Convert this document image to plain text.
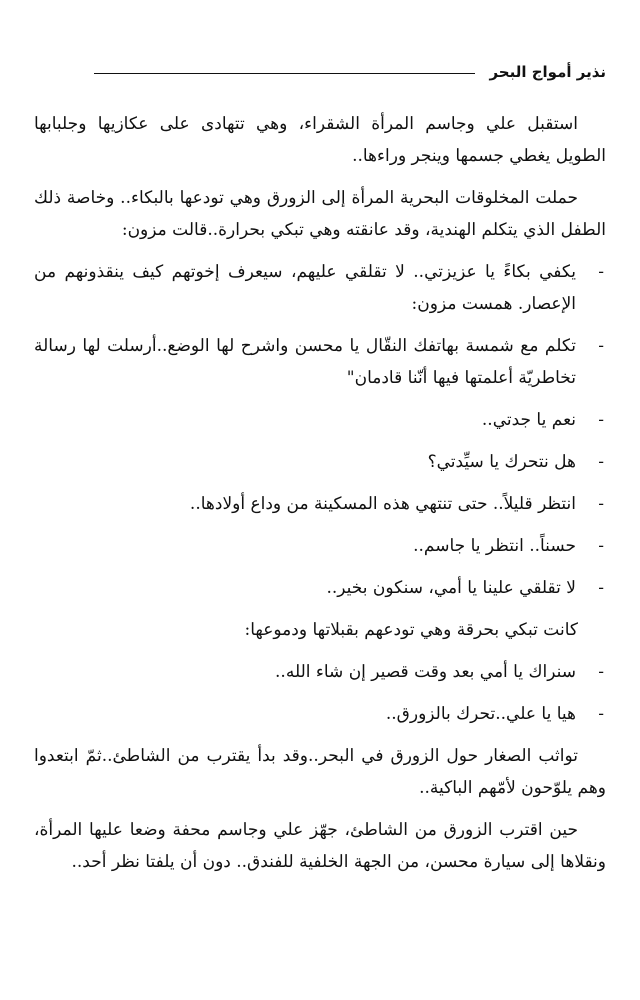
نذير أمواج البحر

استقبل علي وجاسم المرأة الشقراء، وهي تتهادى على عكازيها وجلبابها الطويل يغطي جسمها وينجر وراءها..

حملت المخلوقات البحرية المرأة إلى الزورق وهي تودعها بالبكاء.. وخاصة ذلك الطفل الذي يتكلم الهندية، وقد عانقته وهي تبكي بحرارة..قالت مزون:

-
يكفي بكاءً يا عزيزتي.. لا تقلقي عليهم، سيعرف إخوتهم كيف ينقذونهم من الإعصار. همست مزون:
-
تكلم مع شمسة بهاتفك النقّال يا محسن واشرح لها الوضع..أرسلت لها رسالة تخاطريّة أعلمتها فيها أنّنا قادمان"
-
نعم يا جدتي..
-
هل نتحرك يا سيِّدتي؟
-
انتظر قليلاً.. حتى تنتهي هذه المسكينة من وداع أولادها..
-
حسناً.. انتظر يا جاسم..
-
لا تقلقي علينا يا أمي، سنكون بخير..

كانت تبكي بحرقة وهي تودعهم بقبلاتها ودموعها:

-
سنراك يا أمي بعد وقت قصير إن شاء الله..
-
هيا يا علي..تحرك بالزورق..

تواثب الصغار حول الزورق في البحر..وقد بدأ يقترب من الشاطئ..ثمّ ابتعدوا وهم يلوّحون لأمّهم الباكية..

حين اقترب الزورق من الشاطئ، جهّز علي وجاسم محفة وضعا عليها المرأة، ونقلاها إلى سيارة محسن، من الجهة الخلفية للفندق.. دون أن يلفتا نظر أحد..
